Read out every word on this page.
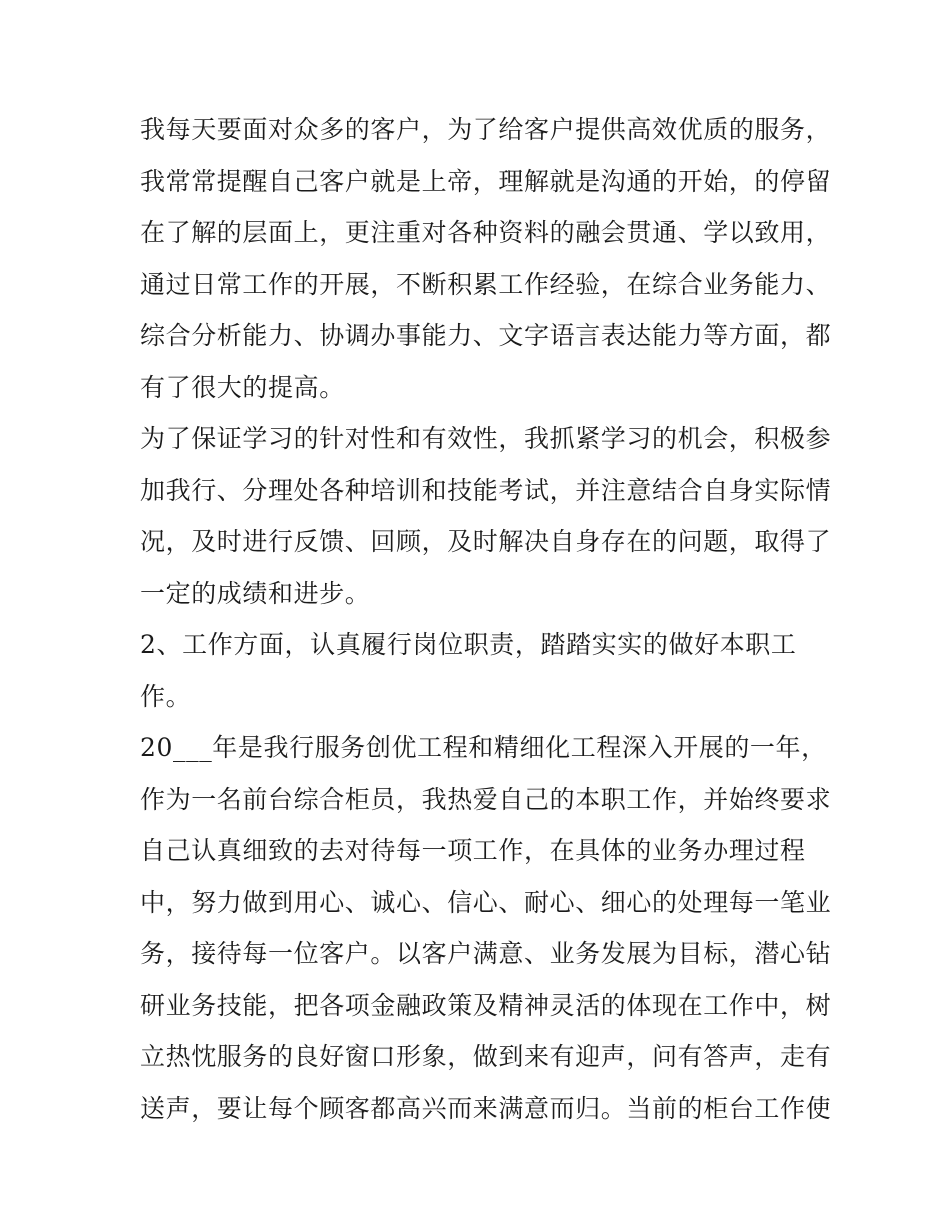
我每天要面对众多的客户，为了给客户提供高效优质的服务，
我常常提醒自己客户就是上帝，理解就是沟通的开始，的停留
在了解的层面上，更注重对各种资料的融会贯通、学以致用，
通过日常工作的开展，不断积累工作经验，在综合业务能力、
综合分析能力、协调办事能力、文字语言表达能力等方面，都
有了很大的提高。
为了保证学习的针对性和有效性，我抓紧学习的机会，积极参
加我行、分理处各种培训和技能考试，并注意结合自身实际情
况，及时进行反馈、回顾，及时解决自身存在的问题，取得了
一定的成绩和进步。
2、工作方面，认真履行岗位职责，踏踏实实的做好本职工
作。
20___年是我行服务创优工程和精细化工程深入开展的一年，
作为一名前台综合柜员，我热爱自己的本职工作，并始终要求
自己认真细致的去对待每一项工作，在具体的业务办理过程
中，努力做到用心、诚心、信心、耐心、细心的处理每一笔业
务，接待每一位客户。以客户满意、业务发展为目标，潜心钻
研业务技能，把各项金融政策及精神灵活的体现在工作中，树
立热忱服务的良好窗口形象，做到来有迎声，问有答声，走有
送声，要让每个顾客都高兴而来满意而归。当前的柜台工作使
